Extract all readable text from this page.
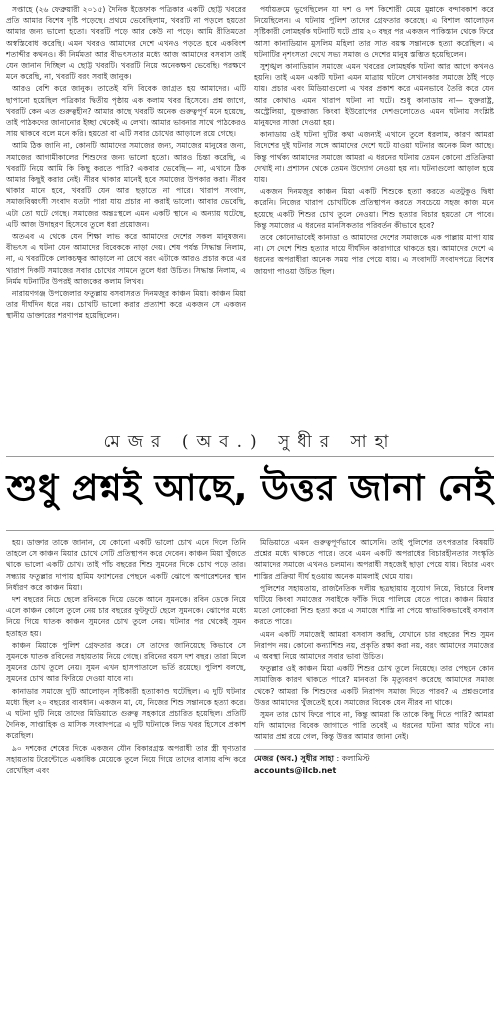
সপ্তাহে (২৬ ফেব্রুয়ারী ২০১৫) দৈনিক ইত্তেফাক পত্রিকার একটি ছোট্ট খবরের প্রতি আমার বিশেষ দৃষ্টি পড়েছে। প্রথমে ভেবেছিলাম, খবরটি না পড়লে হয়তো আমার জন্য ভালো হতো। খবরটি পড়ে আর কেউ না পড়ে। আমি রীতিমতো অস্বস্তিবোধ করেছি। এমন খবরও আমাদের দেশে এখনও পড়তে হবে একবিংশ শতাব্দীর কথনও। কী নির্মমতা আর বীভৎসতার মধ্যে আজ আমাদের বসবাস তাই যেন জানান দিচ্ছিল এ ছোট্ট খবরটি। খবরটি নিয়ে অনেকক্ষণ ভেবেছি। পরক্ষণে মনে করেছি, না, খবরটি বরং সবাই জানুক।

আরও বেশি করে জানুক। তাতেই যদি বিবেক জাগ্রত হয় আমাদের। এটি ছাপানো হয়েছিল পত্রিকার দ্বিতীয় পৃষ্ঠায় এক কলাম খবর হিসেবে। প্রশ্ন জাগে, খবরটি কেন এত গুরুত্বহীন? আমার কাছে খবরটি অনেক গুরুত্বপূর্ণ মনে হয়েছে, তাই পাঠকদের জানানোর ইচ্ছা থেকেই এ লেখা। আমার ভাবনার সাথে পাঠকেরও সায় থাকবে বলে মনে করি। হয়তো বা এটি সবার চোখের আড়ালে রয়ে গেছে।

আমি ঠিক জানি না, কোনটি আমাদের সমাজের জন্য, সমাজের মানুষের জন্য, সমাজের আগামীকালের শিশুদের জন্য ভালো হতো। আরও চিন্তা করেছি, এ খবরটি নিয়ে আমি কি কিছু করতে পারি? একবার ভেবেছি— না, এখানে ঠিক আমার কিছুই করার নেই। নীরব থাকার মানেই হবে সমাজের উপকার করা। নীরব থাকার মানে হবে, খবরটি যেন আর ছড়াতে না পারে। খারাপ সংবাদ, সমাজবিধ্বংসী সংবাদ যতটা পারা যায় প্রচার না করাই ভালো। আবার ভেবেছি, এটা তো ঘটে গেছে। সমাজের অন্তঃস্থলে এমন একটি স্থানে এ অন্যায় ঘটেছে, এটি আজ উদাহরণ হিসেবে তুলে ধরা প্রয়োজন।

অতএব এ থেকে যেন শিক্ষা লাভ করে আমাদের দেশের সকল মানুষজন। বীভৎস এ ঘটনা যেন আমাদের বিবেককে নাড়া দেয়। শেষ পর্যন্ত সিদ্ধান্ত নিলাম, না, এ খবরটিকে লোকচক্ষুর আড়ালে না রেখে বরং এটাকে আরও প্রচার করে এর খারাপ দিকটি সমাজের সবার চোখের সামনে তুলে ধরা উচিত। সিদ্ধান্ত নিলাম, এ নির্মম ঘটনাটির উপরই আজকের কলাম লিখব।

নারায়ণগঞ্জ উপজেলার ফতুল্লায় বসবাসরত দিনমজুর কাঞ্চন মিয়া। কাঞ্চন মিয়া তার দীর্ঘদিন ধরে নয়। চোখটি ভালো করার প্রত্যাশা করে একজন সে একজন স্থানীয় ডাক্তারের শরণাপন্ন হয়েছিলেন।

পর্যায়ক্রমে ভুগেছিলেন যা দশ ও দশ কিশোরী মেয়ে মুন্নাকে বন্দাবকাশ করে নিয়েছিলেন। এ ঘটনায় পুলিশ তাদের গ্রেফতার করেছে। এ বিশাল আলোড়ন সৃষ্টিকারী লোমহর্ষক ঘটনাটি ঘটে প্রায় ২০ বছর পর একজন পাকিস্তান থেকে ফিরে আসা কানাডিয়ান মুসলিম মহিলা তার সাত বয়স্ক সন্তানকে হত্যা করেছিল। এ ঘটনাটির নৃশংসতা দেখে সভ্য সমাজ ও দেশের মানুষ স্তম্ভিত হয়েছিলেন।

সুশৃঙ্খল কানাডিয়ান সমাজে এমন খবরের লোমহর্ষক ঘটনা আর আগে কখনও হয়নি। তাই এমন একটি ঘটনা এমন মাত্রায় ঘটলে সেখানকার সমাজে ঠাঁই পড়ে যায়। প্রচার এবং মিডিয়াগুলো এ খবর প্রকাশ করে এমনভাবে তৈরি করে যেন আর কোথাও এমন খারাপ ঘটনা না ঘটে। শুধু কানাডায় না— যুক্তরাষ্ট্র, অস্ট্রেলিয়া, যুক্তরাজ্য কিংবা ইউরোপের দেশগুলোতেও এমন ঘটনায় সংশ্লিষ্ট মানুষদের সাজা দেওয়া হয়।

কানাডায় ওই ঘটনা দুটির কথা এজন্যই এখানে তুলে ধরলাম, কারণ আমরা বিদেশের দুই ঘটনার সঙ্গে আমাদের দেশে ঘটে যাওয়া ঘটনার অনেক মিল আছে। কিন্তু পার্থক্য আমাদের সমাজে আমরা এ ধরনের ঘটনায় তেমন কোনো প্রতিক্রিয়া দেখাই না। প্রশাসন থেকে তেমন উদ্যোগ নেওয়া হয় না। ঘটনাগুলো আড়াল হয়ে যায়।

একজন দিনমজুর কাঞ্চন মিয়া একটি শিশুকে হত্যা করতে এতটুকুও দ্বিধা করেনি। নিজের খারাপ চোখটিকে প্রতিস্থাপন করতে সবচেয়ে সহজ কাজ মনে হয়েছে একটি শিশুর চোখ তুলে নেওয়া। শিশু হত্যার বিচার হয়তো সে পাবে। কিন্তু সমাজের এ ধরনের মানসিকতার পরিবর্তন কীভাবে হবে?

তবে কোনোভাবেই কানাডা ও আমাদের দেশের সমাজকে এক পাল্লায় মাপা যায় না। সে দেশে শিশু হত্যার দায়ে দীর্ঘদিন কারাগারে থাকতে হয়। আমাদের দেশে এ ধরনের অপরাধীরা অনেক সময় পার পেয়ে যায়। এ সংবাদটি সংবাদপত্রে বিশেষ জায়গা পাওয়া উচিত ছিল।

মেজর (অব.) সুধীর সাহা
শুধু প্রশ্নই আছে, উত্তর জানা নেই

হয়। ডাক্তার তাকে জানান, যে কোনো একটি ভালো চোখ এনে দিলে তিনি তাহলে সে কাঞ্চন মিয়ার চোখে সেটি প্রতিস্থাপন করে দেবেন। কাঞ্চন মিয়া খুঁজতে থাকে ভালো একটি চোখ। তাই পাঁচ বছরের শিশু সুমনের দিকে চোখ পড়ে তার। সন্ধ্যায় ফতুল্লার দাপায় হামিম ফ্যাশনের পেছনে একটি ঝোপে অপারেশনের স্থান নির্ধারণ করে কাঞ্চন মিয়া।

দশ বছরের নিচে ছেলে রবিনকে দিয়ে ডেকে আনে সুমনকে। রবিন ডেকে নিয়ে এলে কাঞ্চন কোলে তুলে নেয় চার বছরের ফুটফুটে ছেলে সুমনকে। ঝোপের মধ্যে নিয়ে গিয়ে ঘাতক কাঞ্চন সুমনের চোখ তুলে নেয়। ঘটনার পর থেকেই সুমন হতাহত হয়।

কাঞ্চন মিয়াকে পুলিশ গ্রেফতার করে। সে তাদের জানিয়েছে কিভাবে সে সুমনকে ঘাতক রবিনের সহায়তায় নিয়ে গেছে। রবিনের বয়স দশ বছর। তারা মিলে সুমনের চোখ তুলে নেয়। সুমন এখন হাসপাতালে ভর্তি রয়েছে। পুলিশ বলছে, সুমনের চোখ আর ফিরিয়ে দেওয়া যাবে না।

কানাডার সমাজে দুটি আলোড়ন সৃষ্টিকারী হত্যাকাণ্ড ঘটেছিল। এ দুটি ঘটনার মধ্যে ছিল ২০ বছরের ব্যবধান। একজন মা, যে, নিজের শিশু সন্তানকে হত্যা করে। এ ঘটনা দুটি নিয়ে তাদের মিডিয়াতে গুরুত্ব সহকারে প্রচারিত হয়েছিল। প্রতিটি দৈনিক, সাপ্তাহিক ও মাসিক সংবাদপত্রে এ দুটি ঘটনাকে লিড খবর হিসেবে প্রকাশ করেছিল।

৯০ দশকের শেষের দিকে একজন যৌন বিকারগ্রস্ত অপরাধী তার স্ত্রী ঘৃণ্যতার সহায়তায় টরেন্টোতে একাধিক মেয়েকে তুলে নিয়ে গিয়ে তাদের বাসায় বন্দি করে রেখেছিল এবং

মিডিয়াতে এমন গুরুত্বপূর্ণভাবে আসেনি। তাই পুলিশের তৎপরতার বিষয়টি প্রশ্নের মধ্যে থাকতে পারে। তবে এমন একটি অপরাধের বিচারহীনতার সংস্কৃতি আমাদের সমাজে এখনও চলমান। অপরাধী সহজেই ছাড়া পেয়ে যায়। বিচার এবং শাস্তির প্রক্রিয়া দীর্ঘ হওয়ায় অনেক মামলাই থেমে যায়।

পুলিশের সহায়তায়, রাজনৈতিক দলীয় ছত্রছায়ায় সুযোগ নিয়ে, বিচারে বিলম্ব ঘটিয়ে কিংবা সমাজের সবাইকে ফাঁকি দিয়ে পালিয়ে যেতে পারে। কাঞ্চন মিয়ার মতো লোকেরা শিশু হত্যা করে এ সমাজে শাস্তি না পেয়ে স্বাভাবিকভাবেই বসবাস করতে পারে।

এমন একটি সমাজেই আমরা বসবাস করছি, যেখানে চার বছরের শিশু সুমন নিরাপদ নয়। কোনো কন্যাশিশু নয়, প্রকৃতি রক্ষা করা নয়, বরং আমাদের সমাজের এ অবস্থা নিয়ে আমাদের সবার ভাবা উচিত।

ফতুল্লার ওই কাঞ্চন মিয়া একটি শিশুর চোখ তুলে নিয়েছে। তার পেছনে কোন সামাজিক কারণ থাকতে পারে? মানবতা কি মৃত্যুবরণ করেছে আমাদের সমাজ থেকে? আমরা কি শিশুদের একটি নিরাপদ সমাজ দিতে পারব? এ প্রশ্নগুলোর উত্তর আমাদের খুঁজতেই হবে। সমাজের বিবেক যেন নীরব না থাকে।

সুমন তার চোখ ফিরে পাবে না, কিন্তু আমরা কি তাকে কিছু দিতে পারি? আমরা যদি আমাদের বিবেক জাগাতে পারি তবেই এ ধরনের ঘটনা আর ঘটবে না। আমার প্রশ্ন রয়ে গেল, কিন্তু উত্তর আমার জানা নেই।

মেজর (অব.) সুধীর সাহা : কলামিস্ট
accounts@ilcb.net
